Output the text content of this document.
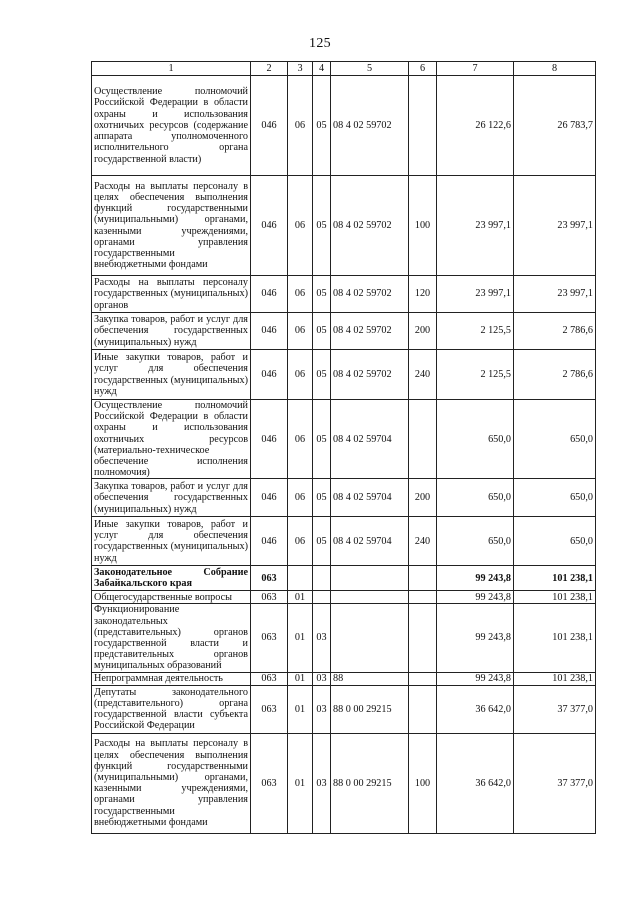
125
1	2	3	4	5	6	7	8
Осуществление полномочий Российской Федерации в области охраны и использования охотничьих ресурсов (содержание аппарата уполномоченного исполнительного органа государственной власти)	046	06	05	08 4 02 59702		26 122,6	26 783,7
Расходы на выплаты персоналу в целях обеспечения выполнения функций государственными (муниципальными) органами, казенными учреждениями, органами управления государственными внебюджетными фондами	046	06	05	08 4 02 59702	100	23 997,1	23 997,1
Расходы на выплаты персоналу государственных (муниципальных) органов	046	06	05	08 4 02 59702	120	23 997,1	23 997,1
Закупка товаров, работ и услуг для обеспечения государственных (муниципальных) нужд	046	06	05	08 4 02 59702	200	2 125,5	2 786,6
Иные закупки товаров, работ и услуг для обеспечения государственных (муниципальных) нужд	046	06	05	08 4 02 59702	240	2 125,5	2 786,6
Осуществление полномочий Российской Федерации в области охраны и использования охотничьих ресурсов (материально-техническое обеспечение исполнения полномочия)	046	06	05	08 4 02 59704		650,0	650,0
Закупка товаров, работ и услуг для обеспечения государственных (муниципальных) нужд	046	06	05	08 4 02 59704	200	650,0	650,0
Иные закупки товаров, работ и услуг для обеспечения государственных (муниципальных) нужд	046	06	05	08 4 02 59704	240	650,0	650,0
Законодательное Собрание Забайкальского края	063					99 243,8	101 238,1
Общегосударственные вопросы	063	01				99 243,8	101 238,1
Функционирование законодательных (представительных) органов государственной власти и представительных органов муниципальных образований	063	01	03			99 243,8	101 238,1
Непрограммная деятельность	063	01	03	88		99 243,8	101 238,1
Депутаты законодательного (представительного) органа государственной власти субъекта Российской Федерации	063	01	03	88 0 00 29215		36 642,0	37 377,0
Расходы на выплаты персоналу в целях обеспечения выполнения функций государственными (муниципальными) органами, казенными учреждениями, органами управления государственными внебюджетными фондами	063	01	03	88 0 00 29215	100	36 642,0	37 377,0
